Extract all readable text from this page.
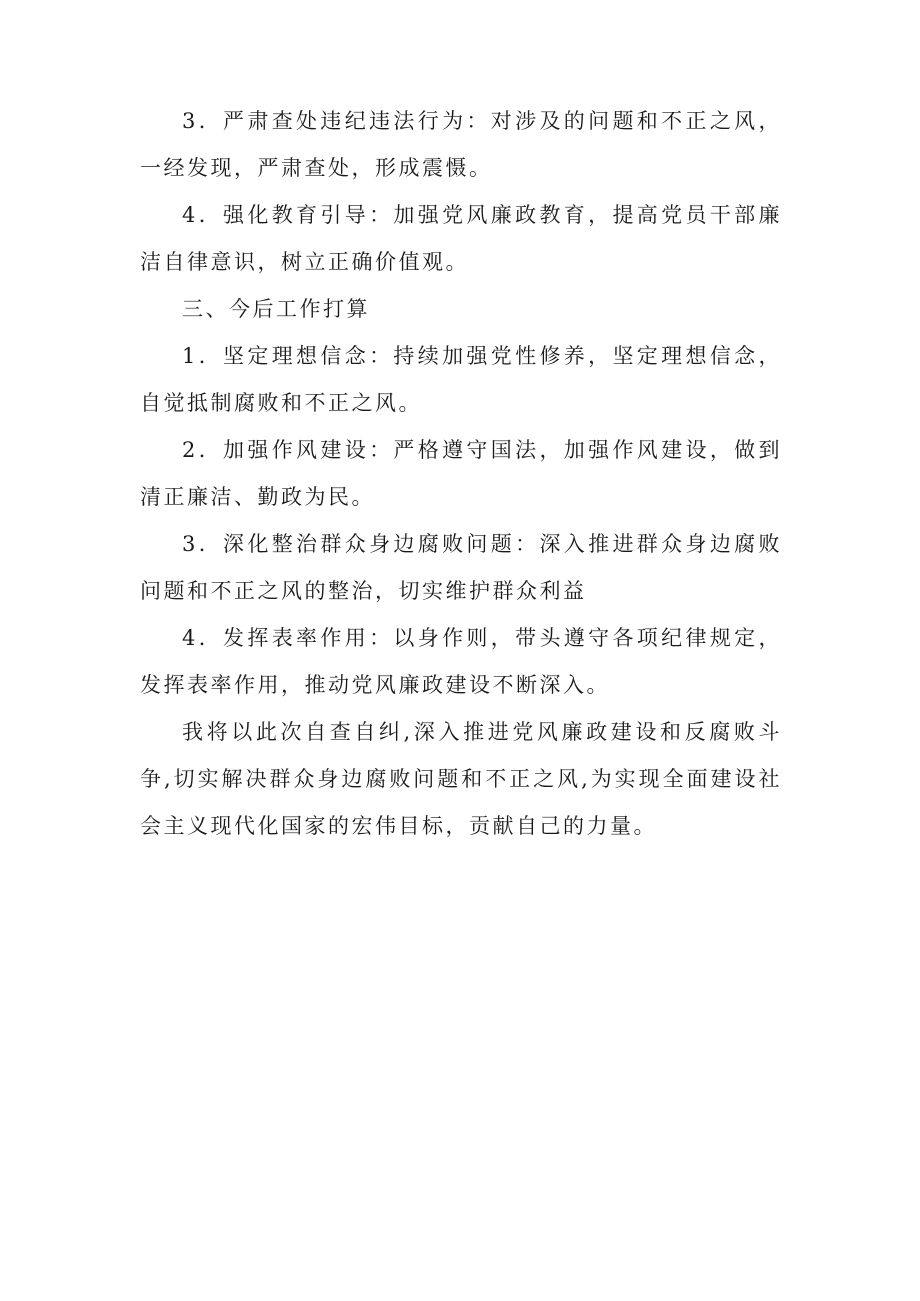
3．严肃查处违纪违法行为：对涉及的问题和不正之风，一经发现，严肃查处，形成震慑。

4．强化教育引导：加强党风廉政教育，提高党员干部廉洁自律意识，树立正确价值观。

三、今后工作打算

1．坚定理想信念：持续加强党性修养，坚定理想信念，自觉抵制腐败和不正之风。

2．加强作风建设：严格遵守国法，加强作风建设，做到清正廉洁、勤政为民。

3．深化整治群众身边腐败问题：深入推进群众身边腐败问题和不正之风的整治，切实维护群众利益

4．发挥表率作用：以身作则，带头遵守各项纪律规定，发挥表率作用，推动党风廉政建设不断深入。

我将以此次自查自纠,深入推进党风廉政建设和反腐败斗争,切实解决群众身边腐败问题和不正之风,为实现全面建设社会主义现代化国家的宏伟目标，贡献自己的力量。
